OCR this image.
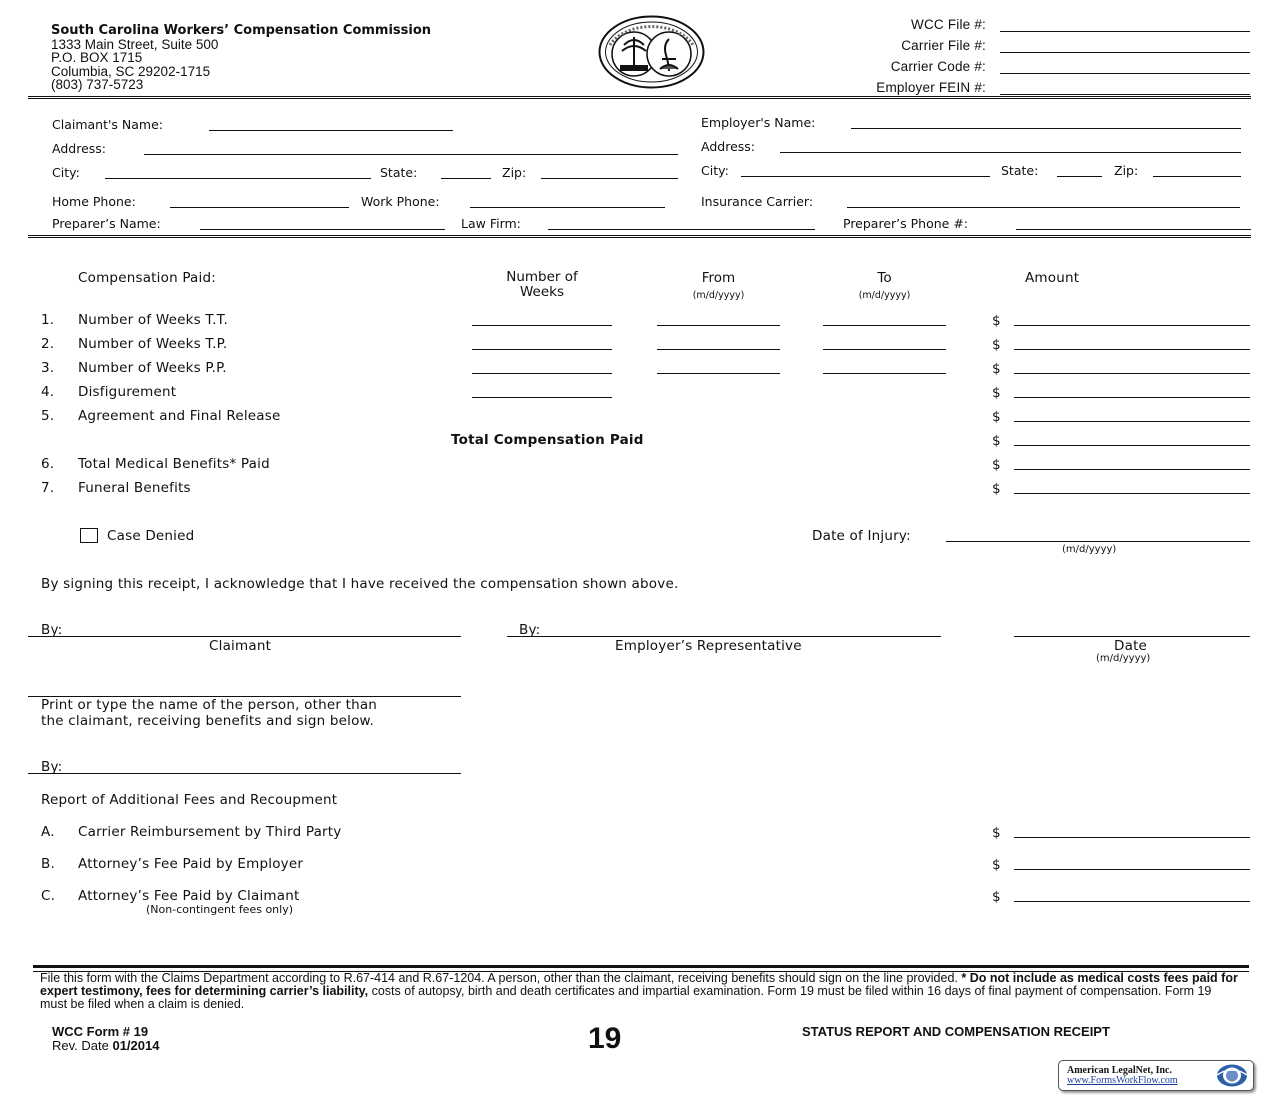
South Carolina Workers’ Compensation Commission
1333 Main Street, Suite 500
P.O. BOX 1715
Columbia, SC 29202-1715
(803) 737-5723
WCC File #:
Carrier File #:
Carrier Code #:
Employer FEIN #:
Claimant's Name:
Address:
City:	State:	Zip:
Home Phone:	Work Phone:
Preparer’s Name:	Law Firm:
Employer's Name:
Address:
City:	State:	Zip:
Insurance Carrier:
Preparer’s Phone #:
Compensation Paid:	Number of
Weeks
From
(m/d/yyyy)
To
(m/d/yyyy)
Amount
1. Number of Weeks T.T.	$
2. Number of Weeks T.P.	$
3. Number of Weeks P.P.	$
4. Disfigurement	$
5. Agreement and Final Release	$
Total Compensation Paid	$
6. Total Medical Benefits* Paid	$
7. Funeral Benefits	$
Case Denied	Date of Injury:
(m/d/yyyy)
By signing this receipt, I acknowledge that I have received the compensation shown above.
By:
Claimant
By:
Employer’s Representative	Date
(m/d/yyyy)
Print or type the name of the person, other than
the claimant, receiving benefits and sign below.
By:
Report of Additional Fees and Recoupment
A. Carrier Reimbursement by Third Party	$
B. Attorney’s Fee Paid by Employer	$
C. Attorney’s Fee Paid by Claimant	$
(Non-contingent fees only)
File this form with the Claims Department according to R.67-414 and R.67-1204. A person, other than the claimant, receiving benefits should sign on the line provided. * Do not include as medical costs fees paid for expert testimony, fees for determining carrier’s liability, costs of autopsy, birth and death certificates and impartial examination. Form 19 must be filed within 16 days of final payment of compensation. Form 19 must be filed when a claim is denied.
WCC Form # 19
Rev. Date 01/2014	19	STATUS REPORT AND COMPENSATION RECEIPT
American LegalNet, Inc.
www.FormsWorkFlow.com
